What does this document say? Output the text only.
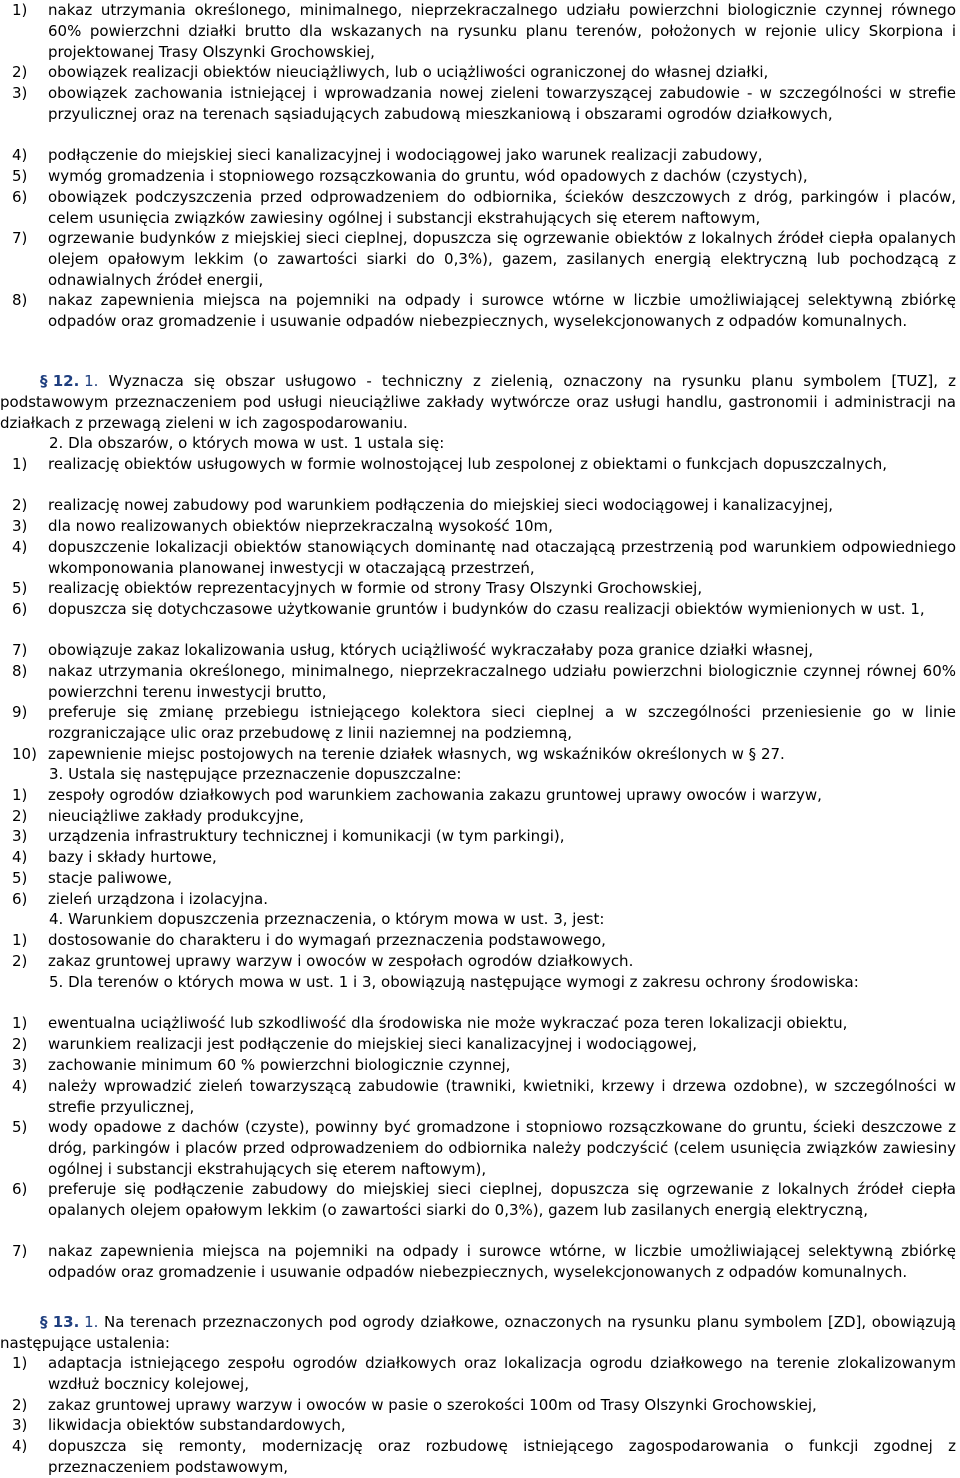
1) nakaz utrzymania określonego, minimalnego, nieprzekraczalnego udziału powierzchni biologicznie czynnej równego 60% powierzchni działki brutto dla wskazanych na rysunku planu terenów, położonych w rejonie ulicy Skorpiona i projektowanej Trasy Olszynki Grochowskiej,
2) obowiązek realizacji obiektów nieuciążliwych, lub o uciążliwości ograniczonej do własnej działki,
3) obowiązek zachowania istniejącej i wprowadzania nowej zieleni towarzyszącej zabudowie - w szczególności w strefie przyulicznej oraz na terenach sąsiadujących zabudową mieszkaniową i obszarami ogrodów działkowych,
4) podłączenie do miejskiej sieci kanalizacyjnej i wodociągowej jako warunek realizacji zabudowy,
5) wymóg gromadzenia i stopniowego rozsączkowania do gruntu, wód opadowych z dachów (czystych),
6) obowiązek podczyszczenia przed odprowadzeniem do odbiornika, ścieków deszczowych z dróg, parkingów i placów, celem usunięcia związków zawiesiny ogólnej i substancji ekstrahujących się eterem naftowym,
7) ogrzewanie budynków z miejskiej sieci cieplnej, dopuszcza się ogrzewanie obiektów z lokalnych źródeł ciepła opalanych olejem opałowym lekkim (o zawartości siarki do 0,3%), gazem, zasilanych energią elektryczną lub pochodzącą z odnawialnych źródeł energii,
8) nakaz zapewnienia miejsca na pojemniki na odpady i surowce wtórne w liczbie umożliwiającej selektywną zbiórkę odpadów oraz gromadzenie i usuwanie odpadów niebezpiecznych, wyselekcjonowanych z odpadów komunalnych.
§ 12. 1. Wyznacza się obszar usługowo - techniczny z zielenią, oznaczony na rysunku planu symbolem [TUZ], z podstawowym przeznaczeniem pod usługi nieuciążliwe zakłady wytwórcze oraz usługi handlu, gastronomii i administracji na działkach z przewagą zieleni w ich zagospodarowaniu.
2. Dla obszarów, o których mowa w ust. 1 ustala się:
1) realizację obiektów usługowych w formie wolnostojącej lub zespolonej z obiektami o funkcjach dopuszczalnych,
2) realizację nowej zabudowy pod warunkiem podłączenia do miejskiej sieci wodociągowej i kanalizacyjnej,
3) dla nowo realizowanych obiektów nieprzekraczalną wysokość 10m,
4) dopuszczenie lokalizacji obiektów stanowiących dominantę nad otaczającą przestrzenią pod warunkiem odpowiedniego wkomponowania planowanej inwestycji w otaczającą przestrzeń,
5) realizację obiektów reprezentacyjnych w formie od strony Trasy Olszynki Grochowskiej,
6) dopuszcza się dotychczasowe użytkowanie gruntów i budynków do czasu realizacji obiektów wymienionych w ust. 1,
7) obowiązuje zakaz lokalizowania usług, których uciążliwość wykraczałaby poza granice działki własnej,
8) nakaz utrzymania określonego, minimalnego, nieprzekraczalnego udziału powierzchni biologicznie czynnej równej 60% powierzchni terenu inwestycji brutto,
9) preferuje się zmianę przebiegu istniejącego kolektora sieci cieplnej a w szczególności przeniesienie go w linie rozgraniczające ulic oraz przebudowę z linii naziemnej na podziemną,
10) zapewnienie miejsc postojowych na terenie działek własnych, wg wskaźników określonych w § 27.
3. Ustala się następujące przeznaczenie dopuszczalne:
1) zespoły ogrodów działkowych pod warunkiem zachowania zakazu gruntowej uprawy owoców i warzyw,
2) nieuciążliwe zakłady produkcyjne,
3) urządzenia infrastruktury technicznej i komunikacji (w tym parkingi),
4) bazy i składy hurtowe,
5) stacje paliwowe,
6) zieleń urządzona i izolacyjna.
4. Warunkiem dopuszczenia przeznaczenia, o którym mowa w ust. 3, jest:
1) dostosowanie do charakteru i do wymagań przeznaczenia podstawowego,
2) zakaz gruntowej uprawy warzyw i owoców w zespołach ogrodów działkowych.
5. Dla terenów o których mowa w ust. 1 i 3, obowiązują następujące wymogi z zakresu ochrony środowiska:
1) ewentualna uciążliwość lub szkodliwość dla środowiska nie może wykraczać poza teren lokalizacji obiektu,
2) warunkiem realizacji jest podłączenie do miejskiej sieci kanalizacyjnej i wodociągowej,
3) zachowanie minimum 60 % powierzchni biologicznie czynnej,
4) należy wprowadzić zieleń towarzyszącą zabudowie (trawniki, kwietniki, krzewy i drzewa ozdobne), w szczególności w strefie przyulicznej,
5) wody opadowe z dachów (czyste), powinny być gromadzone i stopniowo rozsączkowane do gruntu, ścieki deszczowe z dróg, parkingów i placów przed odprowadzeniem do odbiornika należy podczyścić (celem usunięcia związków zawiesiny ogólnej i substancji ekstrahujących się eterem naftowym),
6) preferuje się podłączenie zabudowy do miejskiej sieci cieplnej, dopuszcza się ogrzewanie z lokalnych źródeł ciepła opalanych olejem opałowym lekkim (o zawartości siarki do 0,3%), gazem lub zasilanych energią elektryczną,
7) nakaz zapewnienia miejsca na pojemniki na odpady i surowce wtórne, w liczbie umożliwiającej selektywną zbiórkę odpadów oraz gromadzenie i usuwanie odpadów niebezpiecznych, wyselekcjonowanych z odpadów komunalnych.
§ 13. 1. Na terenach przeznaczonych pod ogrody działkowe, oznaczonych na rysunku planu symbolem [ZD], obowiązują następujące ustalenia:
1) adaptacja istniejącego zespołu ogrodów działkowych oraz lokalizacja ogrodu działkowego na terenie zlokalizowanym wzdłuż bocznicy kolejowej,
2) zakaz gruntowej uprawy warzyw i owoców w pasie o szerokości 100m od Trasy Olszynki Grochowskiej,
3) likwidacja obiektów substandardowych,
4) dopuszcza się remonty, modernizację oraz rozbudowę istniejącego zagospodarowania o funkcji zgodnej z przeznaczeniem podstawowym,
